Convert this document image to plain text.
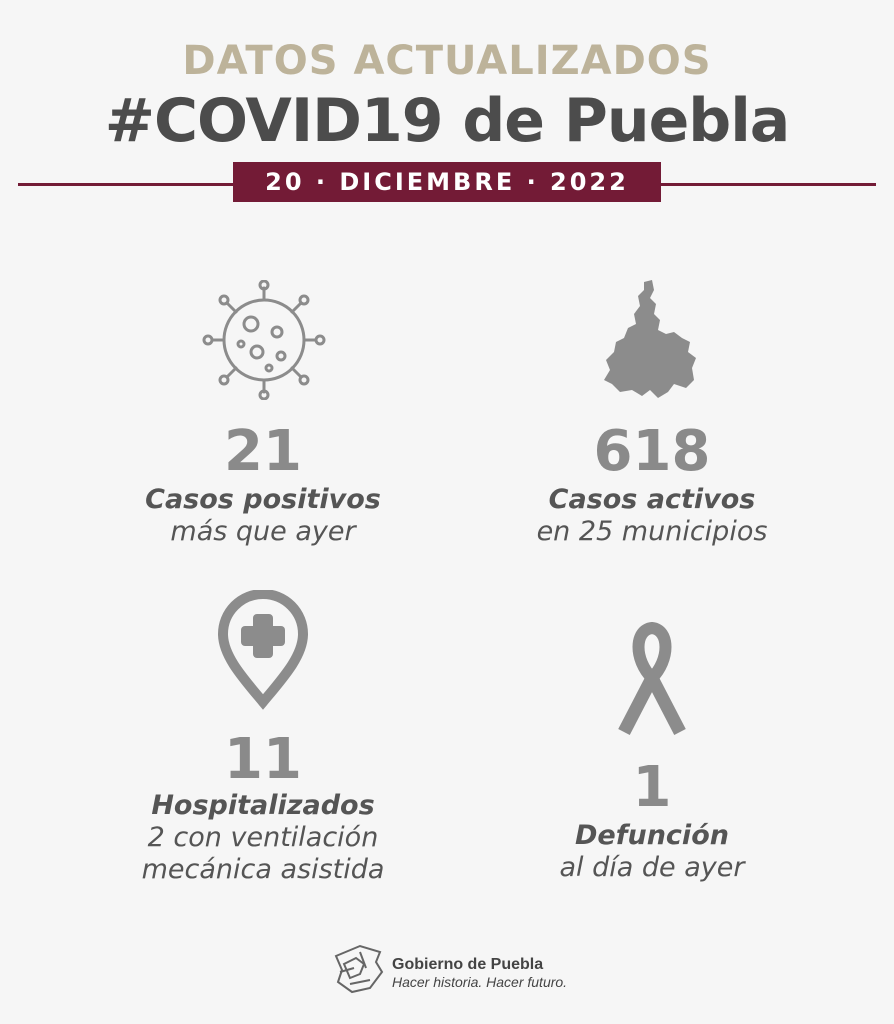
DATOS ACTUALIZADOS
#COVID19 de Puebla
20 · DICIEMBRE · 2022
21
Casos positivos
más que ayer
618
Casos activos
en 25 municipios
11
Hospitalizados
2 con ventilación
mecánica asistida
1
Defunción
al día de ayer
Gobierno de Puebla
Hacer historia. Hacer futuro.
